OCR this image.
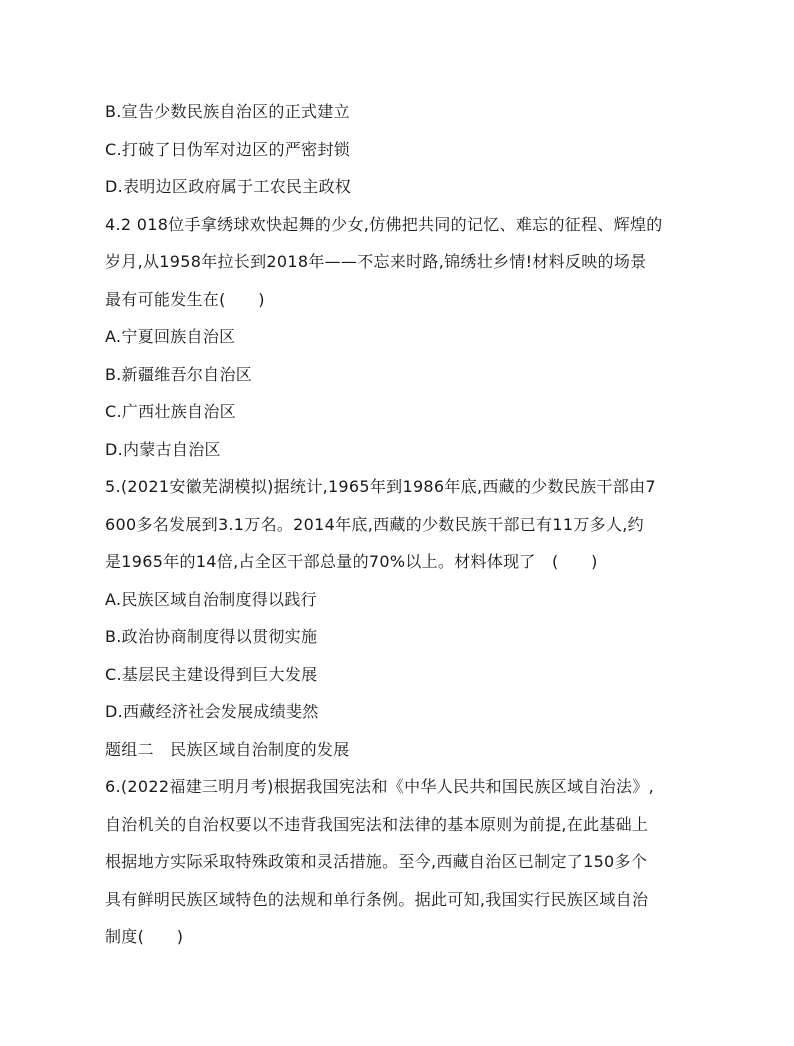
B.宣告少数民族自治区的正式建立
C.打破了日伪军对边区的严密封锁
D.表明边区政府属于工农民主政权
4.2 018位手拿绣球欢快起舞的少女,仿佛把共同的记忆、难忘的征程、辉煌的
岁月,从1958年拉长到2018年——不忘来时路,锦绣壮乡情!材料反映的场景
最有可能发生在(　　)
A.宁夏回族自治区
B.新疆维吾尔自治区
C.广西壮族自治区
D.内蒙古自治区
5.(2021安徽芜湖模拟)据统计,1965年到1986年底,西藏的少数民族干部由7
600多名发展到3.1万名。2014年底,西藏的少数民族干部已有11万多人,约
是1965年的14倍,占全区干部总量的70%以上。材料体现了　(　　)
A.民族区域自治制度得以践行
B.政治协商制度得以贯彻实施
C.基层民主建设得到巨大发展
D.西藏经济社会发展成绩斐然
题组二　民族区域自治制度的发展
6.(2022福建三明月考)根据我国宪法和《中华人民共和国民族区域自治法》,
自治机关的自治权要以不违背我国宪法和法律的基本原则为前提,在此基础上
根据地方实际采取特殊政策和灵活措施。至今,西藏自治区已制定了150多个
具有鲜明民族区域特色的法规和单行条例。据此可知,我国实行民族区域自治
制度(　　)
